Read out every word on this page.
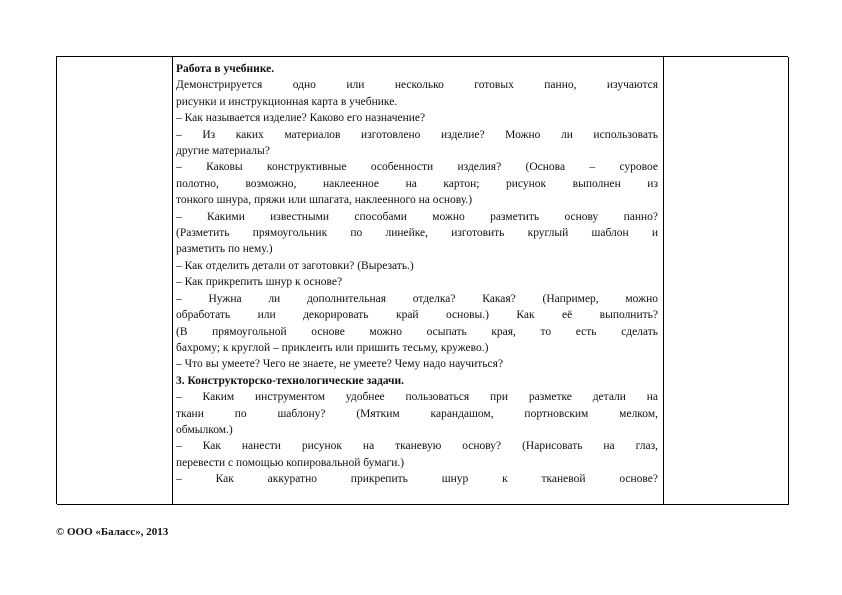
Работа в учебнике.
Демонстрируется одно или несколько готовых панно, изучаются
рисунки и инструкционная карта в учебнике.
– Как называется изделие? Каково его назначение?
– Из каких материалов изготовлено изделие? Можно ли использовать
другие материалы?
– Каковы конструктивные особенности изделия? (Основа – суровое
полотно, возможно, наклеенное на картон; рисунок выполнен из
тонкого шнура, пряжи или шпагата, наклеенного на основу.)
– Какими известными способами можно разметить основу панно?
(Разметить прямоугольник по линейке, изготовить круглый шаблон и
разметить по нему.)
– Как отделить детали от заготовки? (Вырезать.)
– Как прикрепить шнур к основе?
– Нужна ли дополнительная отделка? Какая? (Например, можно
обработать или декорировать край основы.) Как её выполнить?
(В прямоугольной основе можно осыпать края, то есть сделать
бахрому; к круглой – приклеить или пришить тесьму, кружево.)
– Что вы умеете? Чего не знаете, не умеете? Чему надо научиться?
3. Конструкторско-технологические задачи.
– Каким инструментом удобнее пользоваться при разметке детали на
ткани по шаблону? (Мятким карандашом, портновским мелком,
обмылком.)
– Как нанести рисунок на тканевую основу? (Нарисовать на глаз,
перевести с помощью копировальной бумаги.)
– Как аккуратно прикрепить шнур к тканевой основе?
© ООО «Баласс», 2013
